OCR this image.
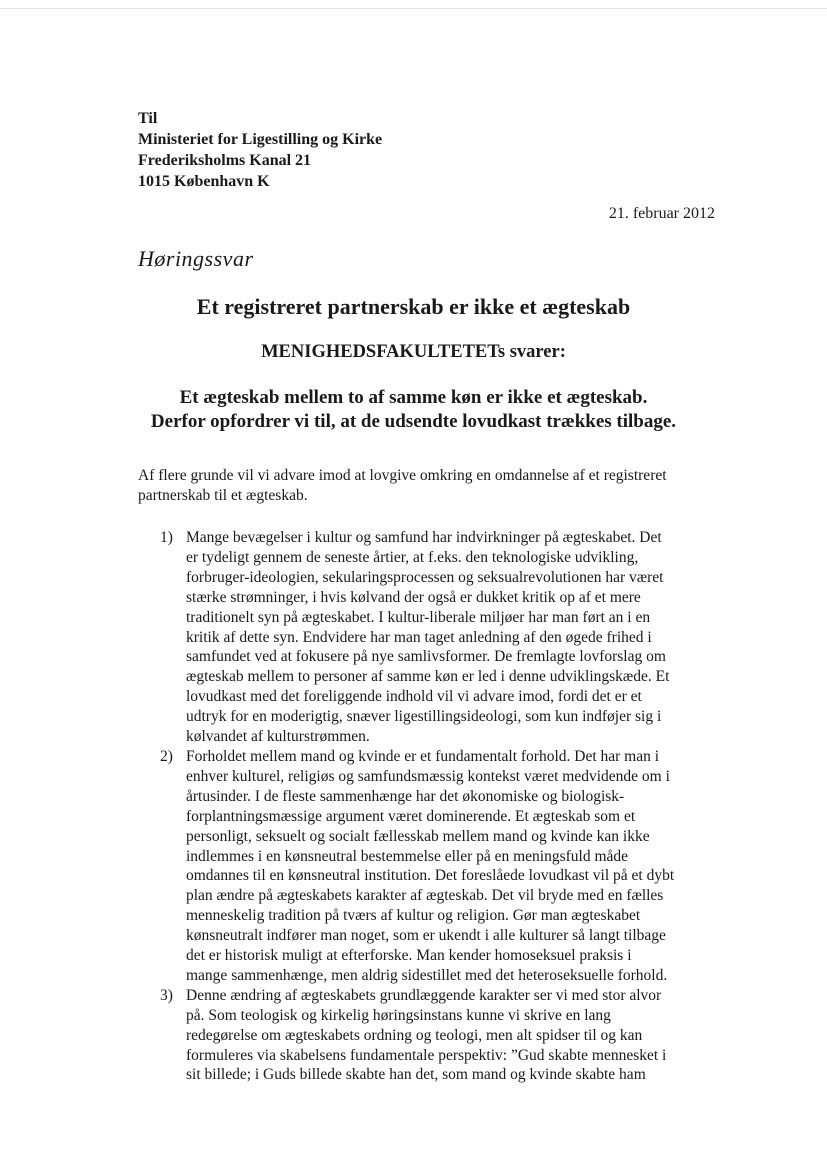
Til
Ministeriet for Ligestilling og Kirke
Frederiksholms Kanal 21
1015 København K
21. februar 2012
Høringssvar
Et registreret partnerskab er ikke et ægteskab
MENIGHEDSFAKULTETETs svarer:
Et ægteskab mellem to af samme køn er ikke et ægteskab.
Derfor opfordrer vi til, at de udsendte lovudkast trækkes tilbage.
Af flere grunde vil vi advare imod at lovgive omkring en omdannelse af et registreret
partnerskab til et ægteskab.
1) Mange bevægelser i kultur og samfund har indvirkninger på ægteskabet. Det
er tydeligt gennem de seneste årtier, at f.eks. den teknologiske udvikling,
forbruger-ideologien, sekularingsprocessen og seksualrevolutionen har været
stærke strømninger, i hvis kølvand der også er dukket kritik op af et mere
traditionelt syn på ægteskabet. I kultur-liberale miljøer har man ført an i en
kritik af dette syn. Endvidere har man taget anledning af den øgede frihed i
samfundet ved at fokusere på nye samlivsformer. De fremlagte lovforslag om
ægteskab mellem to personer af samme køn er led i denne udviklingskæde. Et
lovudkast med det foreliggende indhold vil vi advare imod, fordi det er et
udtryk for en moderigtig, snæver ligestillingsideologi, som kun indføjer sig i
kølvandet af kulturstrømmen.
2) Forholdet mellem mand og kvinde er et fundamentalt forhold. Det har man i
enhver kulturel, religiøs og samfundsmæssig kontekst været medvidende om i
årtusinder. I de fleste sammenhænge har det økonomiske og biologisk-
forplantningsmæssige argument været dominerende. Et ægteskab som et
personligt, seksuelt og socialt fællesskab mellem mand og kvinde kan ikke
indlemmes i en kønsneutral bestemmelse eller på en meningsfuld måde
omdannes til en kønsneutral institution. Det foreslåede lovudkast vil på et dybt
plan ændre på ægteskabets karakter af ægteskab. Det vil bryde med en fælles
menneskelig tradition på tværs af kultur og religion. Gør man ægteskabet
kønsneutralt indfører man noget, som er ukendt i alle kulturer så langt tilbage
det er historisk muligt at efterforske. Man kender homoseksuel praksis i
mange sammenhænge, men aldrig sidestillet med det heteroseksuelle forhold.
3) Denne ændring af ægteskabets grundlæggende karakter ser vi med stor alvor
på. Som teologisk og kirkelig høringsinstans kunne vi skrive en lang
redegørelse om ægteskabets ordning og teologi, men alt spidser til og kan
formuleres via skabelsens fundamentale perspektiv: ”Gud skabte mennesket i
sit billede; i Guds billede skabte han det, som mand og kvinde skabte ham
